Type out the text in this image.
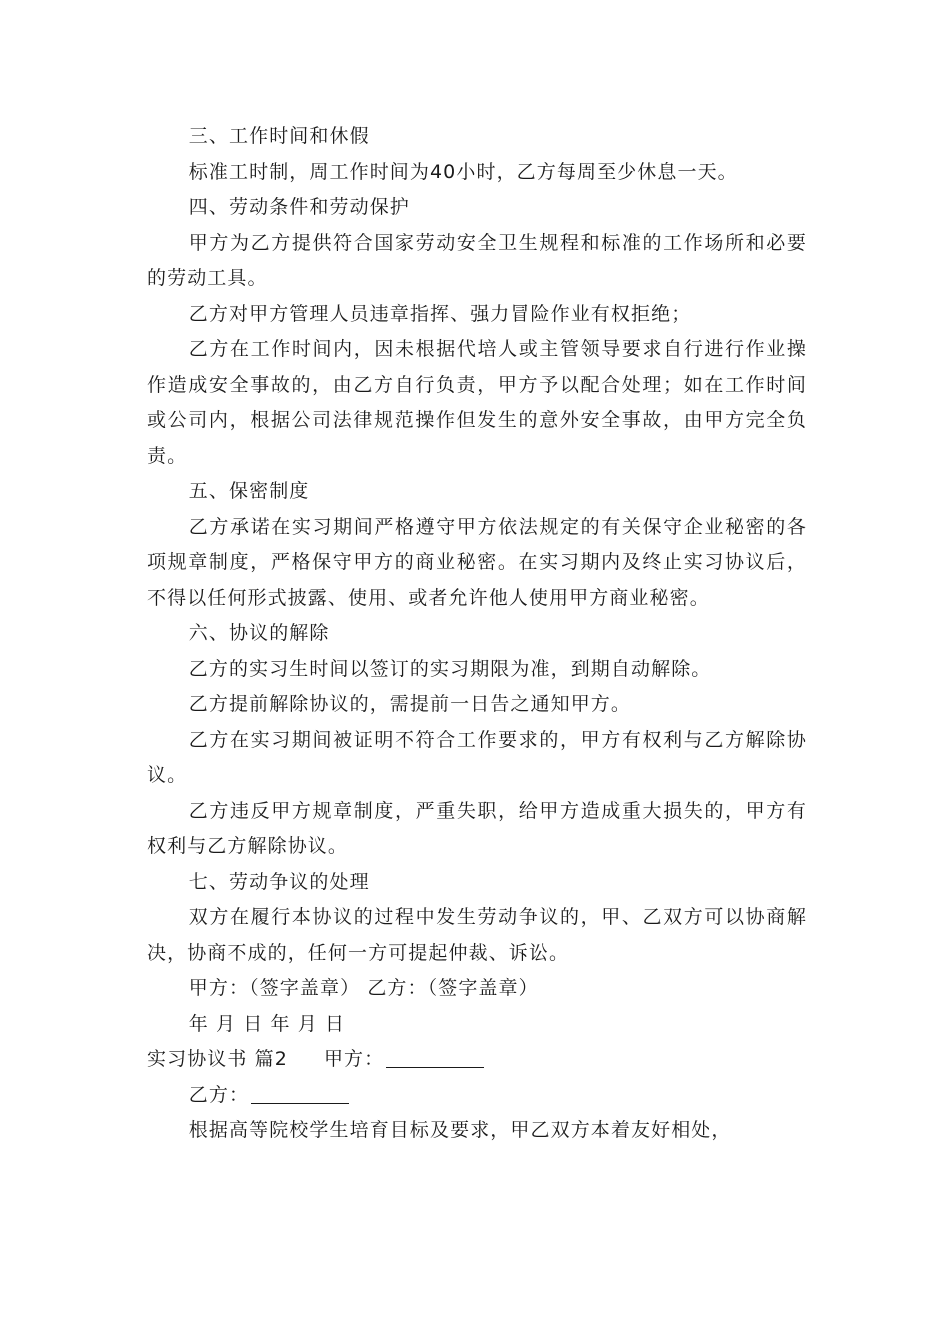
三、工作时间和休假

标准工时制，周工作时间为40小时，乙方每周至少休息一天。

四、劳动条件和劳动保护

甲方为乙方提供符合国家劳动安全卫生规程和标准的工作场所和必要的劳动工具。

乙方对甲方管理人员违章指挥、强力冒险作业有权拒绝；

乙方在工作时间内，因未根据代培人或主管领导要求自行进行作业操作造成安全事故的，由乙方自行负责，甲方予以配合处理；如在工作时间或公司内，根据公司法律规范操作但发生的意外安全事故，由甲方完全负责。

五、保密制度

乙方承诺在实习期间严格遵守甲方依法规定的有关保守企业秘密的各项规章制度，严格保守甲方的商业秘密。在实习期内及终止实习协议后，不得以任何形式披露、使用、或者允许他人使用甲方商业秘密。

六、协议的解除

乙方的实习生时间以签订的实习期限为准，到期自动解除。

乙方提前解除协议的，需提前一日告之通知甲方。

乙方在实习期间被证明不符合工作要求的，甲方有权利与乙方解除协议。

乙方违反甲方规章制度，严重失职，给甲方造成重大损失的，甲方有权利与乙方解除协议。

七、劳动争议的处理

双方在履行本协议的过程中发生劳动争议的，甲、乙双方可以协商解决，协商不成的，任何一方可提起仲裁、诉讼。

甲方：（签字盖章） 乙方：（签字盖章）

年 月 日 年 月 日

实习协议书 篇2 甲方：

乙方：

根据高等院校学生培育目标及要求，甲乙双方本着友好相处，
